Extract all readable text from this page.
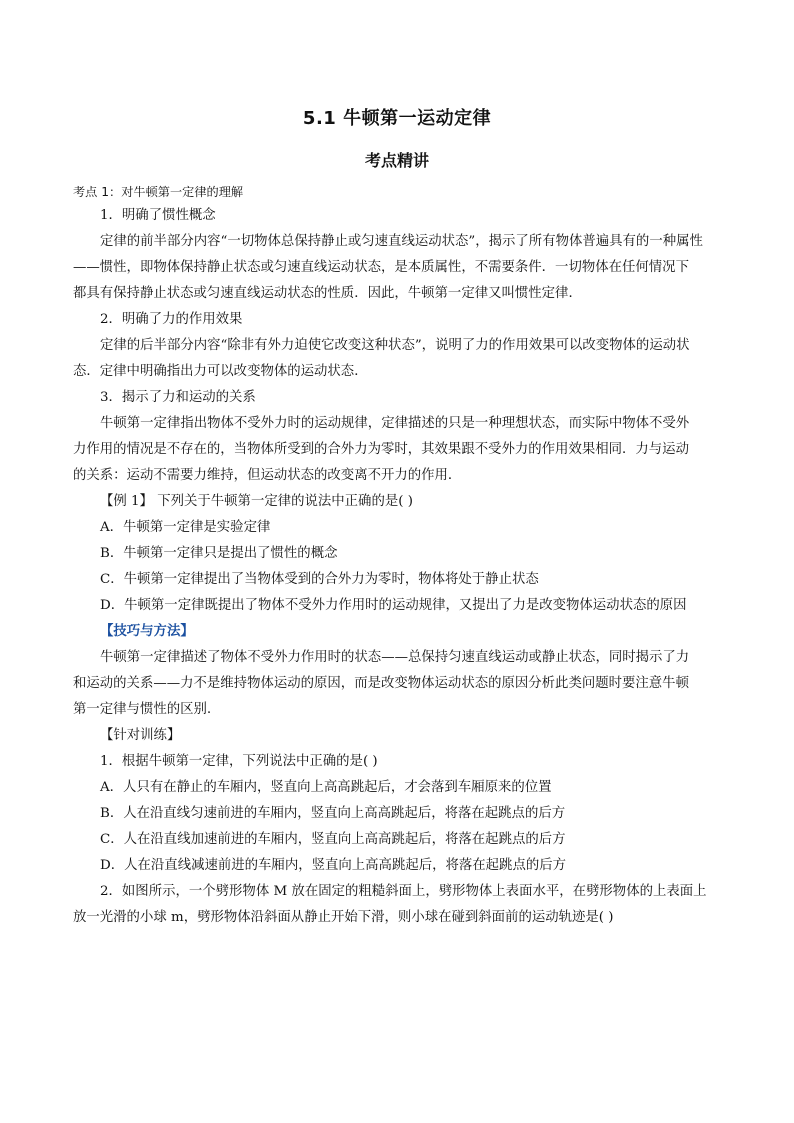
5.1 牛顿第一运动定律
考点精讲
考点 1：对牛顿第一定律的理解
1．明确了惯性概念
定律的前半部分内容“一切物体总保持静止或匀速直线运动状态”，揭示了所有物体普遍具有的一种属性
——惯性，即物体保持静止状态或匀速直线运动状态，是本质属性，不需要条件．一切物体在任何情况下
都具有保持静止状态或匀速直线运动状态的性质．因此，牛顿第一定律又叫惯性定律．
2．明确了力的作用效果
定律的后半部分内容“除非有外力迫使它改变这种状态”，说明了力的作用效果可以改变物体的运动状
态．定律中明确指出力可以改变物体的运动状态．
3．揭示了力和运动的关系
牛顿第一定律指出物体不受外力时的运动规律，定律描述的只是一种理想状态，而实际中物体不受外
力作用的情况是不存在的，当物体所受到的合外力为零时，其效果跟不受外力的作用效果相同．力与运动
的关系：运动不需要力维持，但运动状态的改变离不开力的作用．
【例 1】 下列关于牛顿第一定律的说法中正确的是( )
A．牛顿第一定律是实验定律
B．牛顿第一定律只是提出了惯性的概念
C．牛顿第一定律提出了当物体受到的合外力为零时，物体将处于静止状态
D．牛顿第一定律既提出了物体不受外力作用时的运动规律，又提出了力是改变物体运动状态的原因
【技巧与方法】
牛顿第一定律描述了物体不受外力作用时的状态——总保持匀速直线运动或静止状态，同时揭示了力
和运动的关系——力不是维持物体运动的原因，而是改变物体运动状态的原因分析此类问题时要注意牛顿
第一定律与惯性的区别.
【针对训练】
1．根据牛顿第一定律，下列说法中正确的是( )
A．人只有在静止的车厢内，竖直向上高高跳起后，才会落到车厢原来的位置
B．人在沿直线匀速前进的车厢内，竖直向上高高跳起后，将落在起跳点的后方
C．人在沿直线加速前进的车厢内，竖直向上高高跳起后，将落在起跳点的后方
D．人在沿直线减速前进的车厢内，竖直向上高高跳起后，将落在起跳点的后方
2．如图所示，一个劈形物体 M 放在固定的粗糙斜面上，劈形物体上表面水平，在劈形物体的上表面上
放一光滑的小球 m，劈形物体沿斜面从静止开始下滑，则小球在碰到斜面前的运动轨迹是( )
